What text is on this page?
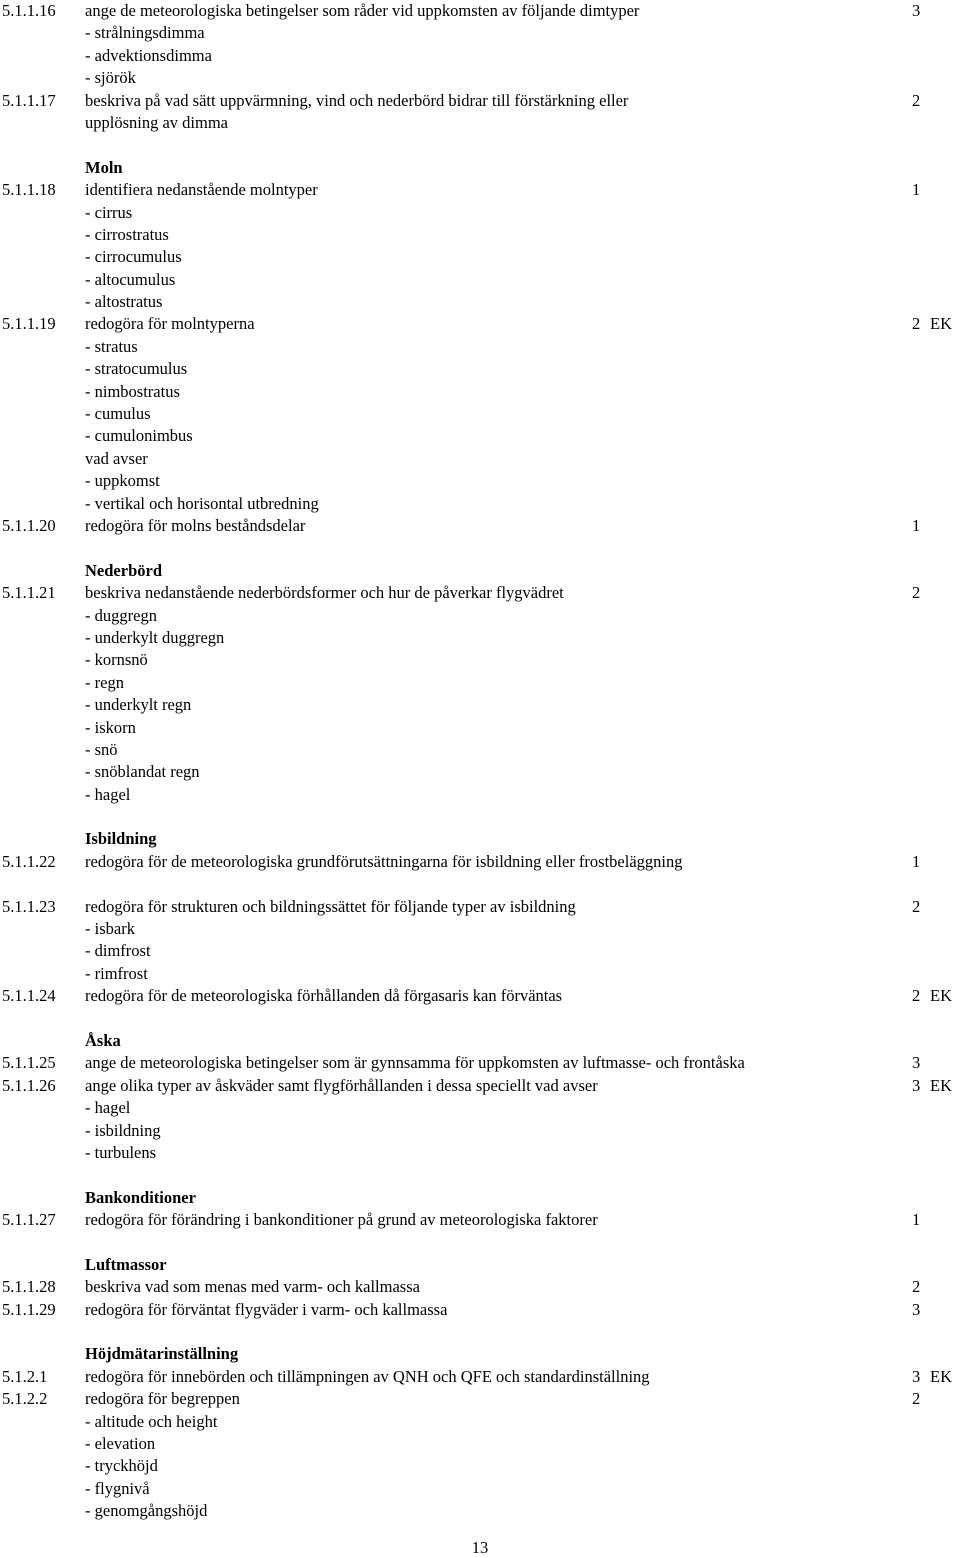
5.1.1.16 ange de meteorologiska betingelser som råder vid uppkomsten av följande dimtyper	3
- strålningsdimma
- advektionsdimma
- sjörök
5.1.1.17 beskriva på vad sätt uppvärmning, vind och nederbörd bidrar till förstärkning eller	2
upplösning av dimma
Moln
5.1.1.18 identifiera nedanstående molntyper	1
- cirrus
- cirrostratus
- cirrocumulus
- altocumulus
- altostratus
5.1.1.19 redogöra för molntyperna	2 EK
- stratus
- stratocumulus
- nimbostratus
- cumulus
- cumulonimbus
vad avser
- uppkomst
- vertikal och horisontal utbredning
5.1.1.20 redogöra för molns beståndsdelar	1
Nederbörd
5.1.1.21 beskriva nedanstående nederbördsformer och hur de påverkar flygvädret	2
- duggregn
- underkylt duggregn
- kornsnö
- regn
- underkylt regn
- iskorn
- snö
- snöblandat regn
- hagel
Isbildning
5.1.1.22 redogöra för de meteorologiska grundförutsättningarna för isbildning eller frostbeläggning	1
5.1.1.23 redogöra för strukturen och bildningssättet för följande typer av isbildning	2
- isbark
- dimfrost
- rimfrost
5.1.1.24 redogöra för de meteorologiska förhållanden då förgasaris kan förväntas	2 EK
Åska
5.1.1.25 ange de meteorologiska betingelser som är gynnsamma för uppkomsten av luftmasse- och frontåska	3
5.1.1.26 ange olika typer av åskväder samt flygförhållanden i dessa speciellt vad avser	3 EK
- hagel
- isbildning
- turbulens
Bankonditioner
5.1.1.27 redogöra för förändring i bankonditioner på grund av meteorologiska faktorer	1
Luftmassor
5.1.1.28 beskriva vad som menas med varm- och kallmassa	2
5.1.1.29 redogöra för förväntat flygväder i varm- och kallmassa	3
Höjdmätarinställning
5.1.2.1 redogöra för innebörden och tillämpningen av QNH och QFE och standardinställning	3 EK
5.1.2.2 redogöra för begreppen	2
- altitude och height
- elevation
- tryckhöjd
- flygnivå
- genomgångshöjd
13
